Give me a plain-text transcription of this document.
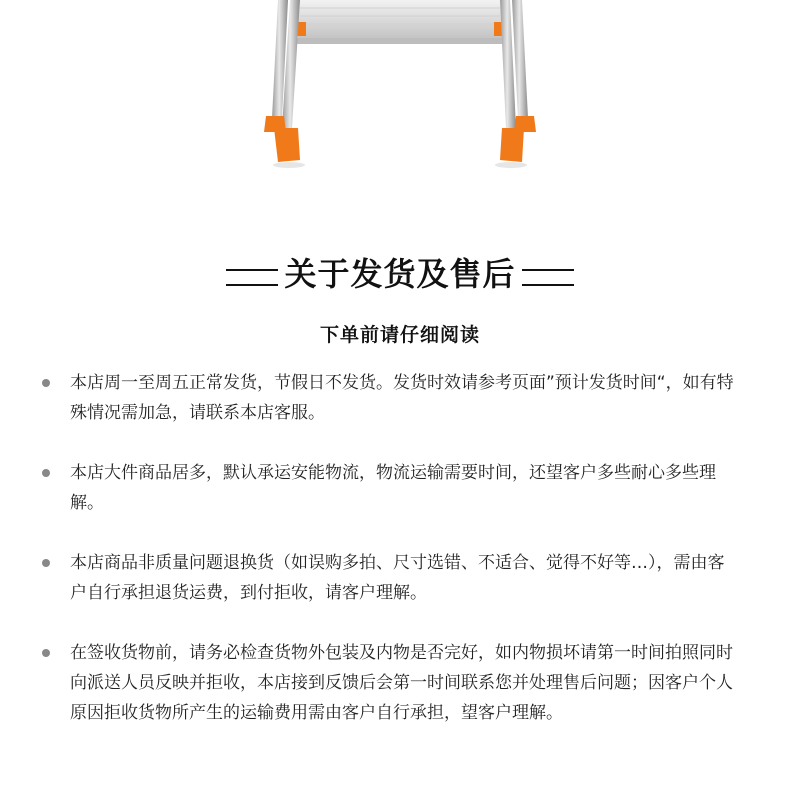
关于发货及售后
下单前请仔细阅读
本店周一至周五正常发货，节假日不发货。发货时效请参考页面”预计发货时间“，如有特殊情况需加急，请联系本店客服。
本店大件商品居多，默认承运安能物流，物流运输需要时间，还望客户多些耐心多些理解。
本店商品非质量问题退换货（如误购多拍、尺寸选错、不适合、觉得不好等…），需由客户自行承担退货运费，到付拒收，请客户理解。
在签收货物前，请务必检查货物外包装及内物是否完好，如内物损坏请第一时间拍照同时向派送人员反映并拒收，本店接到反馈后会第一时间联系您并处理售后问题；因客户个人原因拒收货物所产生的运输费用需由客户自行承担，望客户理解。
